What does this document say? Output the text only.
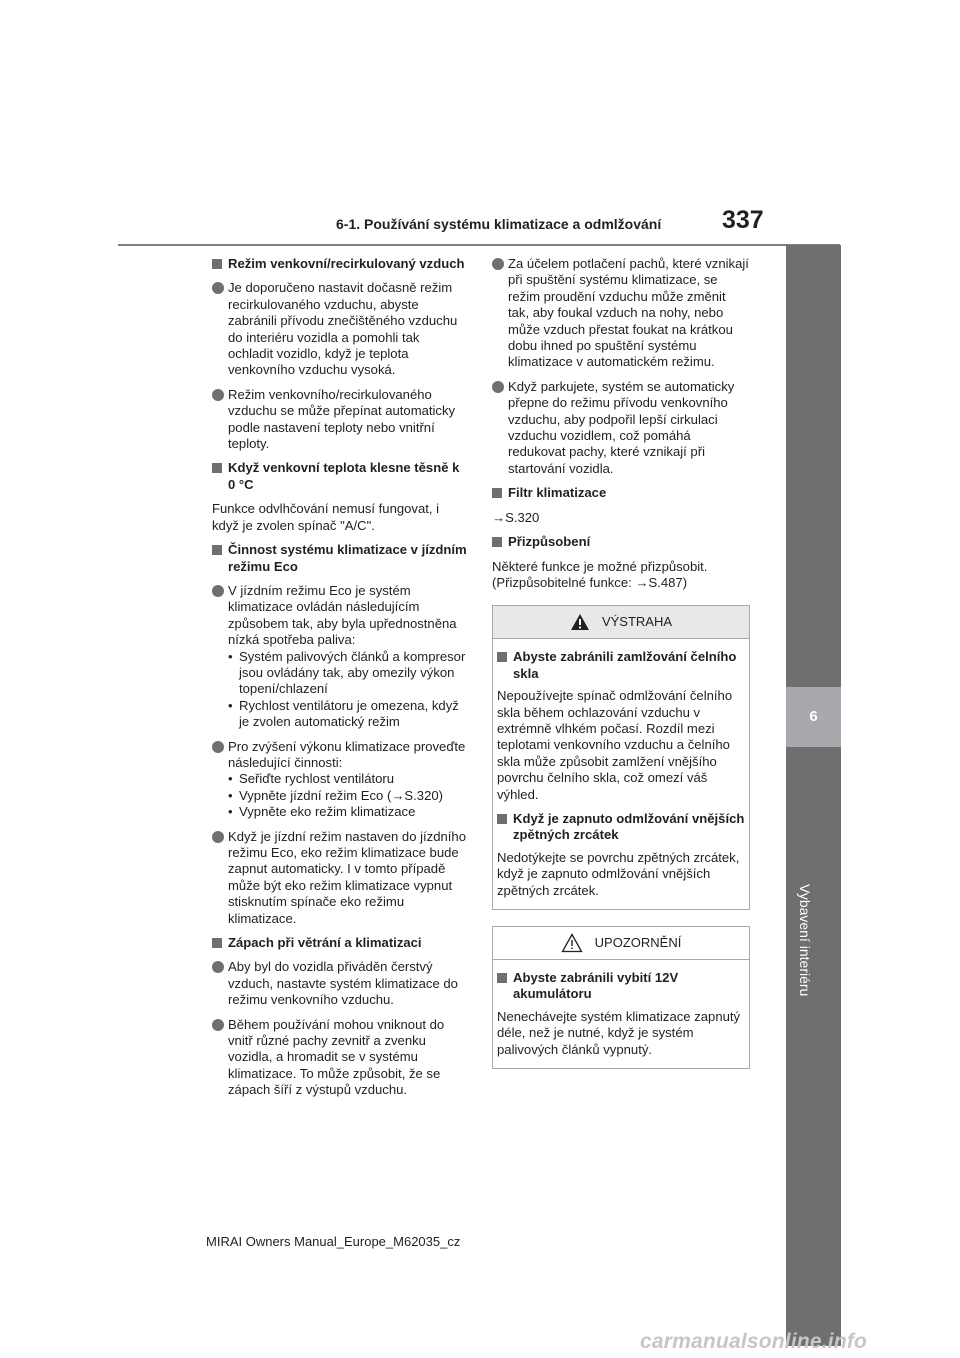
6-1. Používání systému klimatizace a odmlžování 337
6
Vybavení interiéru
Režim venkovní/recirkulovaný vzduch
Je doporučeno nastavit dočasně režim recirkulovaného vzduchu, abyste zabránili přívodu znečištěného vzduchu do interiéru vozidla a pomohli tak ochladit vozidlo, když je teplota venkovního vzduchu vysoká.
Režim venkovního/recirkulovaného vzduchu se může přepínat automaticky podle nastavení teploty nebo vnitřní teploty.
Když venkovní teplota klesne těsně k 0 °C
Funkce odvlhčování nemusí fungovat, i když je zvolen spínač "A/C".
Činnost systému klimatizace v jízdním režimu Eco
V jízdním režimu Eco je systém klimatizace ovládán následujícím způsobem tak, aby byla upřednostněna nízká spotřeba paliva:
• Systém palivových článků a kompresor jsou ovládány tak, aby omezily výkon topení/chlazení
• Rychlost ventilátoru je omezena, když je zvolen automatický režim
Pro zvýšení výkonu klimatizace proveďte následující činnosti:
• Seřiďte rychlost ventilátoru
• Vypněte jízdní režim Eco (→S.320)
• Vypněte eko režim klimatizace
Když je jízdní režim nastaven do jízdního režimu Eco, eko režim klimatizace bude zapnut automaticky. I v tomto případě může být eko režim klimatizace vypnut stisknutím spínače eko režimu klimatizace.
Zápach při větrání a klimatizaci
Aby byl do vozidla přiváděn čerstvý vzduch, nastavte systém klimatizace do režimu venkovního vzduchu.
Během používání mohou vniknout do vnitř různé pachy zevnitř a zvenku vozidla, a hromadit se v systému klimatizace. To může způsobit, že se zápach šíří z výstupů vzduchu.
Za účelem potlačení pachů, které vznikají při spuštění systému klimatizace, se režim proudění vzduchu může změnit tak, aby foukal vzduch na nohy, nebo může vzduch přestat foukat na krátkou dobu ihned po spuštění systému klimatizace v automatickém režimu.
Když parkujete, systém se automaticky přepne do režimu přívodu venkovního vzduchu, aby podpořil lepší cirkulaci vzduchu vozidlem, což pomáhá redukovat pachy, které vznikají při startování vozidla.
Filtr klimatizace
→S.320
Přizpůsobení
Některé funkce je možné přizpůsobit. (Přizpůsobitelné funkce: →S.487)
VÝSTRAHA
Abyste zabránili zamlžování čelního skla
Nepoužívejte spínač odmlžování čelního skla během ochlazování vzduchu v extrémně vlhkém počasí. Rozdíl mezi teplotami venkovního vzduchu a čelního skla může způsobit zamlžení vnějšího povrchu čelního skla, což omezí váš výhled.
Když je zapnuto odmlžování vnějších zpětných zrcátek
Nedotýkejte se povrchu zpětných zrcátek, když je zapnuto odmlžování vnějších zpětných zrcátek.
UPOZORNĚNÍ
Abyste zabránili vybití 12V akumulátoru
Nenechávejte systém klimatizace zapnutý déle, než je nutné, když je systém palivových článků vypnutý.
MIRAI Owners Manual_Europe_M62035_cz
carmanualsonline.info
